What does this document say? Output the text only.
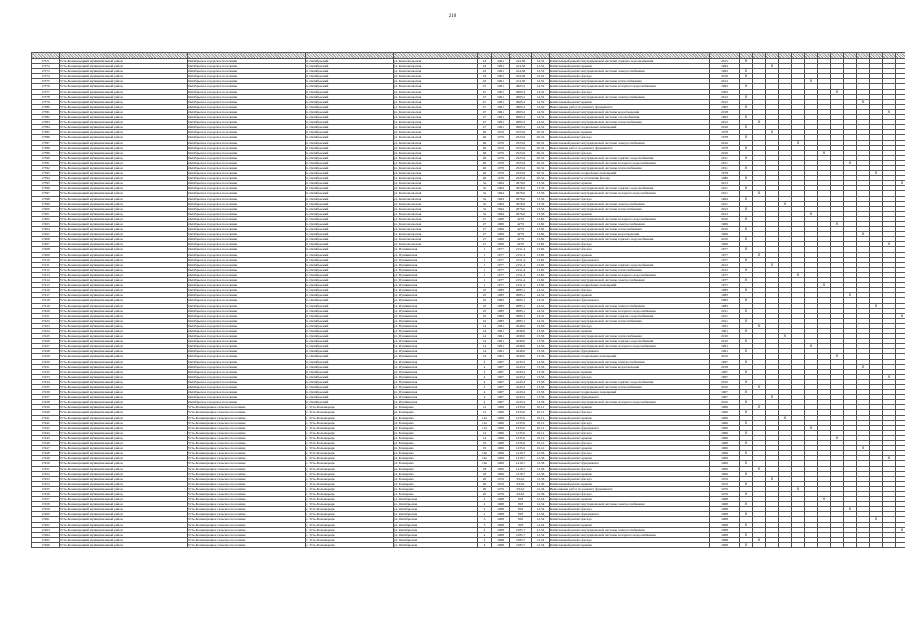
210

17371	Усть-Большерецкий муниципальный район	Октябрьское городское поселение	п. Октябрьский	ул. Комсомольская	43	1961	414,36	12,52	Капитальный ремонт внутридомовой системы горячего водоснабжения	2015	X													
17372	Усть-Большерецкий муниципальный район	Октябрьское городское поселение	п. Октябрьский	ул. Комсомольская	43	1961	414,36	12,52	Капитальный ремонт крыши	1964			X											
17373	Усть-Большерецкий муниципальный район	Октябрьское городское поселение	п. Октябрьский	ул. Комсомольская	43	1961	414,36	12,52	Капитальный ремонт внутридомовой системы электроснабжения	1993	X													
17374	Усть-Большерецкий муниципальный район	Октябрьское городское поселение	п. Октябрьский	ул. Комсомольская	43	1961	414,36	12,52	Капитальный ремонт фасада	2016	X													
17375	Усть-Большерецкий муниципальный район	Октябрьское городское поселение	п. Октябрьский	ул. Комсомольская	43	1961	414,36	12,52	Капитальный ремонт внутридомовой системы теплоснабжения	2012						X								
17376	Усть-Большерецкий муниципальный район	Октябрьское городское поселение	п. Октябрьский	ул. Комсомольская	47	1961	2665,2	14,32	Капитальный ремонт внутридомовой системы холодного водоснабжения	1993	X													
17377	Усть-Большерецкий муниципальный район	Октябрьское городское поселение	п. Октябрьский	ул. Комсомольская	47	1961	2665,2	14,32	Капитальный ремонт фасада	1993								X						
17378	Усть-Большерецкий муниципальный район	Октябрьское городское поселение	п. Октябрьский	ул. Комсомольская	47	1961	2665,2	14,32	Капитальный ремонт внутридомовой системы электроснабжения	2012	X													
17379	Усть-Большерецкий муниципальный район	Октябрьское городское поселение	п. Октябрьский	ул. Комсомольская	47	1961	2665,2	14,32	Капитальный ремонт крыши	2015										X				
17380	Усть-Большерецкий муниципальный район	Октябрьское городское поселение	п. Октябрьский	ул. Комсомольская	47	1961	2665,2	14,32	Выполнение работ по ремонту фундамента	1963	X													
17381	Усть-Большерецкий муниципальный район	Октябрьское городское поселение	п. Октябрьский	ул. Комсомольская	47	1961	2665,2	14,32	Капитальный ремонт внутридомовой системы водоотведения	2018												X		
17382	Усть-Большерецкий муниципальный район	Октябрьское городское поселение	п. Октябрьский	ул. Комсомольская	47	1961	2665,2	14,32	Капитальный ремонт внутридомовой системы газоснабжения	1993	X													
17383	Усть-Большерецкий муниципальный район	Октябрьское городское поселение	п. Октябрьский	ул. Комсомольская	47	1961	2665,2	14,32	Капитальный ремонт внутридомовой системы теплоснабжения	2012		X												
17384	Усть-Большерецкий муниципальный район	Октябрьское городское поселение	п. Октябрьский	ул. Комсомольская	47	1961	2665,2	14,32	Капитальный ремонт подвальных помещений	2016	X													
17385	Усть-Большерецкий муниципальный район	Октябрьское городское поселение	п. Октябрьский	ул. Комсомольская	46	1976	2523,6	20,32	Капитальный ремонт крыши	1978			X											
17386	Усть-Большерецкий муниципальный район	Октябрьское городское поселение	п. Октябрьский	ул. Комсомольская	46	1976	2523,6	20,32	Капитальный ремонт фасада	1978	X													
17387	Усть-Большерецкий муниципальный район	Октябрьское городское поселение	п. Октябрьский	ул. Комсомольская	46	1976	2523,6	20,32	Капитальный ремонт внутридомовой системы электроснабжения	2016					X									
17388	Усть-Большерецкий муниципальный район	Октябрьское городское поселение	п. Октябрьский	ул. Комсомольская	46	1976	2523,6	20,32	Выполнение работ по ремонту фундамента	1978	X													
17389	Усть-Большерецкий муниципальный район	Октябрьское городское поселение	п. Октябрьский	ул. Комсомольская	46	1976	2523,6	20,32	Капитальный ремонт фасада	2016							X							
17390	Усть-Большерецкий муниципальный район	Октябрьское городское поселение	п. Октябрьский	ул. Комсомольская	46	1976	2523,6	20,32	Капитальный ремонт внутридомовой системы горячего водоснабжения	2011	X													
17391	Усть-Большерецкий муниципальный район	Октябрьское городское поселение	п. Октябрьский	ул. Комсомольская	46	1976	2523,6	20,32	Капитальный ремонт внутридомовой системы холодного водоснабжения	2011									X					
17392	Усть-Большерецкий муниципальный район	Октябрьское городское поселение	п. Октябрьский	ул. Комсомольская	46	1976	2523,6	20,32	Капитальный ремонт внутридомовой системы теплоснабжения	2011	X													
17393	Усть-Большерецкий муниципальный район	Октябрьское городское поселение	п. Октябрьский	ул. Комсомольская	46	1976	2523,6	20,32	Капитальный ремонт подвальных помещений	1978											X			
17394	Усть-Большерецкий муниципальный район	Октябрьское городское поселение	п. Октябрьский	ул. Комсомольская	46	1976	2523,6	20,32	Капитальный ремонт и утепление фасада	1986	X													
17395	Усть-Большерецкий муниципальный район	Октябрьское городское поселение	п. Октябрьский	ул. Комсомольская	3а	1964	2676,0	13,56	Капитальный ремонт крыши	2013													X	
17396	Усть-Большерецкий муниципальный район	Октябрьское городское поселение	п. Октябрьский	ул. Комсомольская	3а	1964	2676,0	13,56	Капитальный ремонт внутридомовой системы горячего водоснабжения	2011	X													
17397	Усть-Большерецкий муниципальный район	Октябрьское городское поселение	п. Октябрьский	ул. Комсомольская	3а	1964	2676,0	13,56	Капитальный ремонт внутридомовой системы холодного водоснабжения	2011		X												
17398	Усть-Большерецкий муниципальный район	Октябрьское городское поселение	п. Октябрьский	ул. Комсомольская	3а	1964	2676,0	13,56	Капитальный ремонт фасада	1964	X													
17399	Усть-Большерецкий муниципальный район	Октябрьское городское поселение	п. Октябрьский	ул. Комсомольская	3а	1964	2676,0	13,56	Капитальный ремонт внутридомовой системы электроснабжения	2011				X										
17400	Усть-Большерецкий муниципальный район	Октябрьское городское поселение	п. Октябрьский	ул. Комсомольская	3а	1964	2676,0	13,56	Капитальный ремонт внутридомовой системы теплоснабжения	2013	X													
17401	Усть-Большерецкий муниципальный район	Октябрьское городское поселение	п. Октябрьский	ул. Комсомольская	3а	1964	2676,0	13,56	Капитальный ремонт крыши	2012						X								
17402	Усть-Большерецкий муниципальный район	Октябрьское городское поселение	п. Октябрьский	ул. Комсомольская	27	1969	4279	13,82	Капитальный ремонт внутридомовой системы холодного водоснабжения	2010	X													
17403	Усть-Большерецкий муниципальный район	Октябрьское городское поселение	п. Октябрьский	ул. Комсомольская	27	1969	4279	13,82	Капитальный ремонт внутридомовой системы электроснабжения	1969								X						
17404	Усть-Большерецкий муниципальный район	Октябрьское городское поселение	п. Октябрьский	ул. Комсомольская	27	1969	4279	13,82	Капитальный ремонт внутридомовой системы теплоснабжения	2010	X													
17405	Усть-Большерецкий муниципальный район	Октябрьское городское поселение	п. Октябрьский	ул. Комсомольская	27	1969	4279	13,82	Капитальный ремонт внутридомовой системы водоотведения	1969										X				
17406	Усть-Большерецкий муниципальный район	Октябрьское городское поселение	п. Октябрьский	ул. Комсомольская	27	1969	4279	13,82	Капитальный ремонт внутридомовой системы горячего водоснабжения	2010	X													
17407	Усть-Большерецкий муниципальный район	Октябрьское городское поселение	п. Октябрьский	ул. Комсомольская	27	1969	4279	13,82	Капитальный ремонт фасада	1969												X		
17408	Усть-Большерецкий муниципальный район	Октябрьское городское поселение	п. Октябрьский	ул. Пушкинская	1	1977	2151,4	13,82	Капитальный ремонт фасада	1977	X													
17409	Усть-Большерецкий муниципальный район	Октябрьское городское поселение	п. Октябрьский	ул. Пушкинская	1	1977	2151,4	13,82	Капитальный ремонт крыши	1977		X												
17410	Усть-Большерецкий муниципальный район	Октябрьское городское поселение	п. Октябрьский	ул. Пушкинская	1	1977	2151,4	13,82	Капитальный ремонт фундамента	1977	X													
17411	Усть-Большерецкий муниципальный район	Октябрьское городское поселение	п. Октябрьский	ул. Пушкинская	1	1977	2151,4	13,82	Капитальный ремонт внутридомовой системы горячего водоснабжения	2012			X											
17412	Усть-Большерецкий муниципальный район	Октябрьское городское поселение	п. Октябрьский	ул. Пушкинская	1	1977	2151,4	13,82	Капитальный ремонт внутридомовой системы теплоснабжения	2012	X													
17413	Усть-Большерецкий муниципальный район	Октябрьское городское поселение	п. Октябрьский	ул. Пушкинская	1	1977	2151,4	13,82	Капитальный ремонт внутридомовой системы холодного водоснабжения	1977					X									
17414	Усть-Большерецкий муниципальный район	Октябрьское городское поселение	п. Октябрьский	ул. Пушкинская	1	1977	2151,4	13,82	Капитальный ремонт внутридомовой системы электроснабжения	1977	X													
17415	Усть-Большерецкий муниципальный район	Октябрьское городское поселение	п. Октябрьский	ул. Пушкинская	1	1977	2151,4	13,82	Капитальный ремонт подвальных помещений	1977							X							
17416	Усть-Большерецкий муниципальный район	Октябрьское городское поселение	п. Октябрьский	ул. Пушкинская	10	1983	2685,1	14,32	Капитальный ремонт фасада	1983	X													
17417	Усть-Большерецкий муниципальный район	Октябрьское городское поселение	п. Октябрьский	ул. Пушкинская	10	1983	2685,1	14,32	Капитальный ремонт крыши	1983									X					
17418	Усть-Большерецкий муниципальный район	Октябрьское городское поселение	п. Октябрьский	ул. Пушкинская	10	1983	2685,1	14,32	Капитальный ремонт фундамента	1983	X													
17419	Усть-Большерецкий муниципальный район	Октябрьское городское поселение	п. Октябрьский	ул. Пушкинская	10	1983	2685,1	14,32	Капитальный ремонт внутридомовой системы электроснабжения	1983											X			
17420	Усть-Большерецкий муниципальный район	Октябрьское городское поселение	п. Октябрьский	ул. Пушкинская	10	1983	2685,1	14,32	Капитальный ремонт внутридомовой системы холодного водоснабжения	2011	X													
17421	Усть-Большерецкий муниципальный район	Октябрьское городское поселение	п. Октябрьский	ул. Пушкинская	10	1983	2685,1	14,32	Капитальный ремонт внутридомовой системы горячего водоснабжения	2011													X	
17422	Усть-Большерецкий муниципальный район	Октябрьское городское поселение	п. Октябрьский	ул. Пушкинская	10	1983	2685,1	14,32	Капитальный ремонт внутридомовой системы теплоснабжения	2011	X													
17423	Усть-Большерецкий муниципальный район	Октябрьское городское поселение	п. Октябрьский	ул. Пушкинская	14	1961	4349,0	13,56	Капитальный ремонт фасада	1961		X												
17424	Усть-Большерецкий муниципальный район	Октябрьское городское поселение	п. Октябрьский	ул. Пушкинская	14	1961	4349,0	13,56	Капитальный ремонт крыши	1961	X													
17425	Усть-Большерецкий муниципальный район	Октябрьское городское поселение	п. Октябрьский	ул. Пушкинская	14	1961	4349,0	13,56	Капитальный ремонт внутридомовой системы теплоснабжения	2010				X										
17426	Усть-Большерецкий муниципальный район	Октябрьское городское поселение	п. Октябрьский	ул. Пушкинская	14	1961	4349,0	13,56	Капитальный ремонт внутридомовой системы горячего водоснабжения	2010	X													
17427	Усть-Большерецкий муниципальный район	Октябрьское городское поселение	п. Октябрьский	ул. Пушкинская	14	1961	4349,0	13,56	Капитальный ремонт внутридомовой системы холодного водоснабжения	1961						X								
17428	Усть-Большерецкий муниципальный район	Октябрьское городское поселение	п. Октябрьский	ул. Пушкинская	14	1961	4349,0	13,56	Капитальный ремонт фундамента	1961	X													
17429	Усть-Большерецкий муниципальный район	Октябрьское городское поселение	п. Октябрьский	ул. Пушкинская	14	1961	4349,0	13,56	Капитальный ремонт подвальных помещений	2010								X						
17430	Усть-Большерецкий муниципальный район	Октябрьское городское поселение	п. Октябрьский	ул. Пушкинская	4	1967	4143,2	13,56	Капитальный ремонт внутридомовой системы электроснабжения	1967	X													
17431	Усть-Большерецкий муниципальный район	Октябрьское городское поселение	п. Октябрьский	ул. Пушкинская	4	1967	4143,2	13,56	Капитальный ремонт внутридомовой системы водоотведения	2018										X				
17432	Усть-Большерецкий муниципальный район	Октябрьское городское поселение	п. Октябрьский	ул. Пушкинская	4	1967	4143,2	13,56	Капитальный ремонт крыши	1967	X													
17433	Усть-Большерецкий муниципальный район	Октябрьское городское поселение	п. Октябрьский	ул. Пушкинская	4	1967	4143,2	13,56	Капитальный ремонт фасада	1967												X		
17434	Усть-Большерецкий муниципальный район	Октябрьское городское поселение	п. Октябрьский	ул. Пушкинская	4	1967	4143,2	13,56	Капитальный ремонт внутридомовой системы горячего водоснабжения	2010	X													
17435	Усть-Большерецкий муниципальный район	Октябрьское городское поселение	п. Октябрьский	ул. Пушкинская	4	1967	4143,2	13,56	Капитальный ремонт внутридомовой системы теплоснабжения	2010		X												
17436	Усть-Большерецкий муниципальный район	Октябрьское городское поселение	п. Октябрьский	ул. Пушкинская	4	1967	4143,2	13,56	Капитальный ремонт подвальных помещений	1967	X													
17437	Усть-Большерецкий муниципальный район	Октябрьское городское поселение	п. Октябрьский	ул. Пушкинская	4	1967	4143,2	13,56	Капитальный ремонт фундамента	1967			X											
17438	Усть-Большерецкий муниципальный район	Октябрьское городское поселение	п. Октябрьский	ул. Пушкинская	4	1967	4143,2	13,56	Капитальный ремонт внутридомовой системы холодного водоснабжения	2010	X													
17439	Усть-Большерецкий муниципальный район	Усть-Большерецкое сельское поселение	с. Усть-Большерецк	ул. Бочкарева	12	1966	1235,0	10,12	Капитальный ремонт крыши	1966		X												
17440	Усть-Большерецкий муниципальный район	Усть-Большерецкое сельское поселение	с. Усть-Большерецк	ул. Бочкарева	12	1966	1235,0	10,12	Капитальный ремонт фасада	1966	X													
17441	Усть-Большерецкий муниципальный район	Усть-Большерецкое сельское поселение	с. Усть-Большерецк	ул. Бочкарева	12а	1966	1235,0	10,12	Капитальный ремонт крыши	1966				X										
17442	Усть-Большерецкий муниципальный район	Усть-Большерецкое сельское поселение	с. Усть-Большерецк	ул. Бочкарева	12а	1966	1235,0	10,12	Капитальный ремонт фасада	1966	X													
17443	Усть-Большерецкий муниципальный район	Усть-Большерецкое сельское поселение	с. Усть-Большерецк	ул. Бочкарева	12а	1966	1235,0	10,12	Капитальный ремонт фундамента	1966						X								
17444	Усть-Большерецкий муниципальный район	Усть-Большерецкое сельское поселение	с. Усть-Большерецк	ул. Бочкарева	14	1966	1235,0	10,12	Капитальный ремонт фасада	1966	X													
17445	Усть-Большерецкий муниципальный район	Усть-Большерецкое сельское поселение	с. Усть-Большерецк	ул. Бочкарева	14	1966	1235,0	10,12	Капитальный ремонт крыши	1966								X						
17446	Усть-Большерецкий муниципальный район	Усть-Большерецкое сельское поселение	с. Усть-Большерецк	ул. Бочкарева	16	1966	1235,0	10,12	Капитальный ремонт фасада	1966	X													
17447	Усть-Большерецкий муниципальный район	Усть-Большерецкое сельское поселение	с. Усть-Большерецк	ул. Бочкарева	16	1966	1235,0	10,12	Капитальный ремонт крыши	1966										X				
17448	Усть-Большерецкий муниципальный район	Усть-Большерецкое сельское поселение	с. Усть-Большерецк	ул. Бочкарева	16а	1969	1419,7	12,36	Капитальный ремонт фасада	1969	X													
17449	Усть-Большерецкий муниципальный район	Усть-Большерецкое сельское поселение	с. Усть-Большерецк	ул. Бочкарева	16а	1969	1419,7	12,36	Капитальный ремонт крыши	1969												X		
17450	Усть-Большерецкий муниципальный район	Усть-Большерецкое сельское поселение	с. Усть-Большерецк	ул. Бочкарева	16а	1969	1419,7	12,36	Капитальный ремонт фундамента	1969	X													
17451	Усть-Большерецкий муниципальный район	Усть-Большерецкое сельское поселение	с. Усть-Большерецк	ул. Бочкарева	18	1969	1419,7	12,36	Капитальный ремонт фасада	1969		X												
17452	Усть-Большерецкий муниципальный район	Усть-Большерецкое сельское поселение	с. Усть-Большерецк	ул. Бочкарева	18	1969	1419,7	12,36	Капитальный ремонт крыши	1969	X													
17453	Усть-Большерецкий муниципальный район	Усть-Большерецкое сельское поселение	с. Усть-Большерецк	ул. Бочкарева	20	1976	934,0	12,36	Капитальный ремонт фасада	1976			X											
17454	Усть-Большерецкий муниципальный район	Усть-Большерецкое сельское поселение	с. Усть-Большерецк	ул. Бочкарева	20	1976	934,0	12,36	Капитальный ремонт крыши	1976	X													
17455	Усть-Большерецкий муниципальный район	Усть-Большерецкое сельское поселение	с. Усть-Большерецк	ул. Бочкарева	20	1976	934,0	12,36	Выполнение работ по ремонту фундамента	1976					X									
17456	Усть-Большерецкий муниципальный район	Усть-Большерецкое сельское поселение	с. Усть-Большерецк	ул. Бочкарева	20	1976	934,0	12,36	Капитальный ремонт фасада	1976	X													
17457	Усть-Большерецкий муниципальный район	Усть-Большерецкое сельское поселение	с. Усть-Большерецк	ул. Октябрьская	2	1968	818	12,54	Капитальный ремонт крыши	1968							X							
17458	Усть-Большерецкий муниципальный район	Усть-Большерецкое сельское поселение	с. Усть-Большерецк	ул. Октябрьская	2	1968	818	12,54	Капитальный ремонт внутридомовой системы электроснабжения	1968	X													
17459	Усть-Большерецкий муниципальный район	Усть-Большерецкое сельское поселение	с. Усть-Большерецк	ул. Октябрьская	2	1968	818	12,54	Капитальный ремонт фасада	1968									X					
17460	Усть-Большерецкий муниципальный район	Усть-Большерецкое сельское поселение	с. Усть-Большерецк	ул. Октябрьская	2	1968	818	12,54	Капитальный ремонт фундамента	1968	X													
17461	Усть-Большерецкий муниципальный район	Усть-Большерецкое сельское поселение	с. Усть-Большерецк	ул. Октябрьская	3	1968	818	12,54	Капитальный ремонт фасада	1968											X			
17462	Усть-Большерецкий муниципальный район	Усть-Большерецкое сельское поселение	с. Усть-Большерецк	ул. Октябрьская	3	1968	818	12,54	Капитальный ремонт крыши	1968	X													
17463	Усть-Большерецкий муниципальный район	Усть-Большерецкое сельское поселение	с. Усть-Большерецк	ул. Октябрьская	4	1968	2185,7	12,54	Капитальный ремонт внутридомовой системы электроснабжения	1968													X	
17464	Усть-Большерецкий муниципальный район	Усть-Большерецкое сельское поселение	с. Усть-Большерецк	ул. Октябрьская	4	1968	2185,7	12,54	Капитальный ремонт внутридомовой системы холодного водоснабжения	1968	X													
17465	Усть-Большерецкий муниципальный район	Усть-Большерецкое сельское поселение	с. Усть-Большерецк	ул. Октябрьская	4	1968	2185,7	12,54	Капитальный ремонт фасада	1968		X												
17466	Усть-Большерецкий муниципальный район	Усть-Большерецкое сельское поселение	с. Усть-Большерецк	ул. Октябрьская	4	1968	2185,7	12,54	Капитальный ремонт крыши	1968	X													
